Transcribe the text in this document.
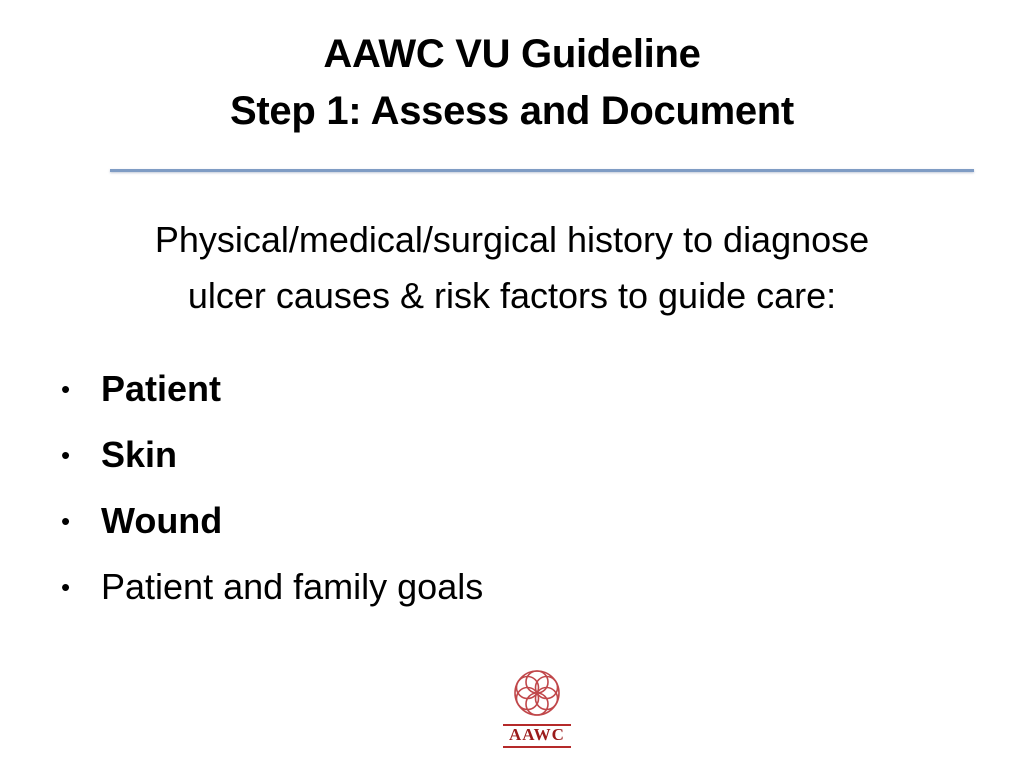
AAWC VU Guideline
Step 1: Assess and Document
Physical/medical/surgical history to diagnose
ulcer causes & risk factors to guide care:
• Patient
• Skin
• Wound
• Patient and family goals
AAWC
